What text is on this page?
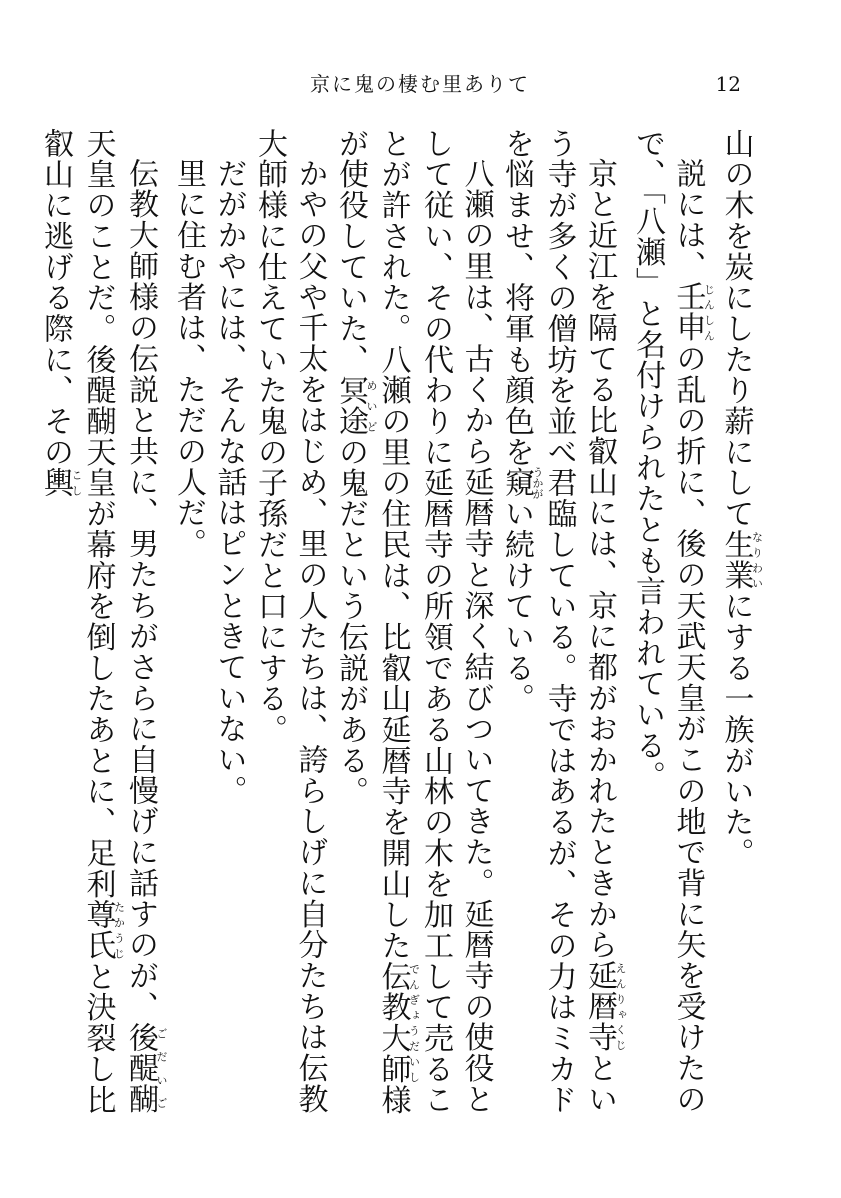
京に鬼の棲む里ありて	12

山の木を炭にしたり薪にして生業なりわいにする一族がいた。

説には、壬申じんしんの乱の折に、後の天武天皇がこの地で背に矢を受けたので、「八瀬」と名付けられたとも言われている。

京と近江を隔てる比叡山には、京に都がおかれたときから延暦寺えんりゃくじという寺が多くの僧坊を並べ君臨している。寺ではあるが、その力はミカドを悩ませ、将軍も顔色を窺うかがい続けている。

八瀬の里は、古くから延暦寺と深く結びついてきた。延暦寺の使役として従い、その代わりに延暦寺の所領である山林の木を加工して売ることが許された。八瀬の里の住民は、比叡山延暦寺を開山した伝教大師でんぎょうだいし様が使役していた、冥途めいどの鬼だという伝説がある。

かやの父や千太をはじめ、里の人たちは、誇らしげに自分たちは伝教大師様に仕えていた鬼の子孫だと口にする。

だがかやには、そんな話はピンときていない。

里に住む者は、ただの人だ。

伝教大師様の伝説と共に、男たちがさらに自慢げに話すのが、後醍醐ごだいご天皇のことだ。後醍醐天皇が幕府を倒したあとに、足利尊氏たかうじと決裂し比叡山に逃げる際に、その輿こし
